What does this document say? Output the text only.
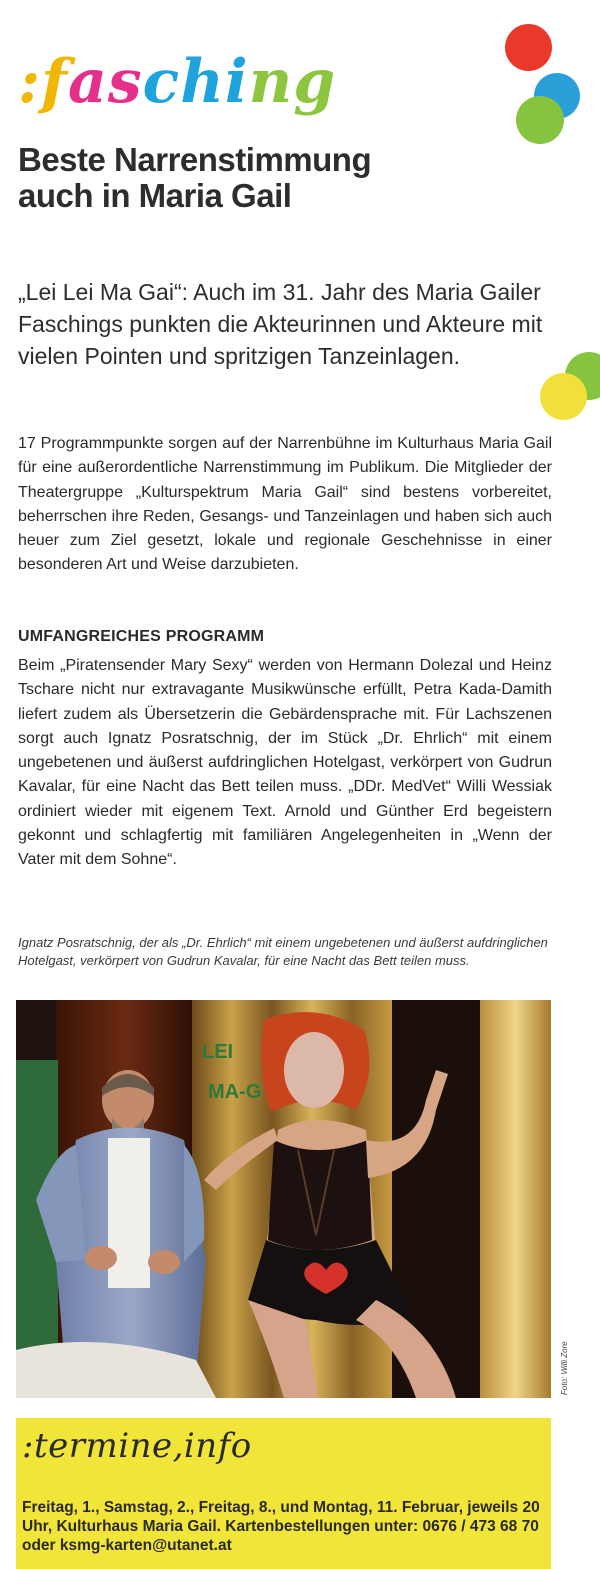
:fasching
Beste Narrenstimmung
auch in Maria Gail
„Lei Lei Ma Gai“: Auch im 31. Jahr des Maria Gailer Faschings punkten die Akteurinnen und Akteure mit vielen Pointen und spritzigen Tanzeinlagen.
17 Programmpunkte sorgen auf der Narrenbühne im Kulturhaus Maria Gail für eine außerordentliche Narrenstimmung im Publikum. Die Mitglieder der Theatergruppe „Kulturspektrum Maria Gail“ sind bestens vorbereitet, beherrschen ihre Reden, Gesangs- und Tanzeinlagen und haben sich auch heuer zum Ziel gesetzt, lokale und regionale Geschehnisse in einer besonderen Art und Weise darzubieten.
UMFANGREICHES PROGRAMM
Beim „Piratensender Mary Sexy“ werden von Hermann Dolezal und Heinz Tschare nicht nur extravagante Musikwünsche erfüllt, Petra Kada-Damith liefert zudem als Übersetzerin die Gebärdensprache mit. Für Lachszenen sorgt auch Ignatz Posratschnig, der im Stück „Dr. Ehrlich“ mit einem ungebetenen und äußerst aufdringlichen Hotelgast, verkörpert von Gudrun Kavalar, für eine Nacht das Bett teilen muss. „DDr. MedVet“ Willi Wessiak ordiniert wieder mit eigenem Text. Arnold und Günther Erd begeistern gekonnt und schlagfertig mit familiären Angelegenheiten in „Wenn der Vater mit dem Sohne“.
Ignatz Posratschnig, der als „Dr. Ehrlich“ mit einem ungebetenen und äußerst aufdringlichen Hotelgast, verkörpert von Gudrun Kavalar, für eine Nacht das Bett teilen muss.
LEI MA-G
Foto: Willi Zore
:termine,info
Freitag, 1., Samstag, 2., Freitag, 8., und Montag, 11. Februar, jeweils 20 Uhr, Kulturhaus Maria Gail. Kartenbestellungen unter: 0676 / 473 68 70 oder ksmg-karten@utanet.at
